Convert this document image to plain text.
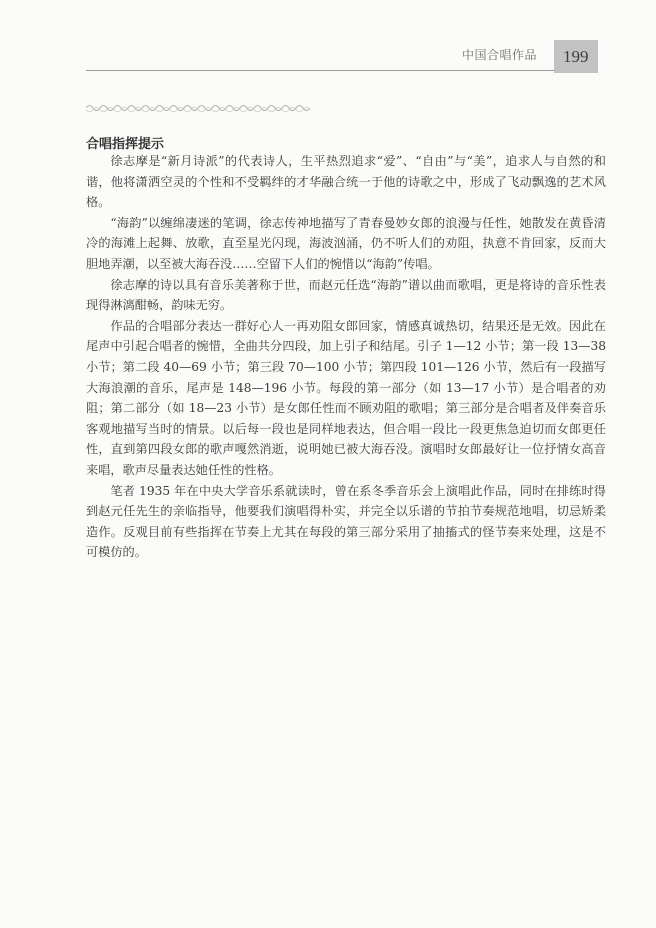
中国合唱作品 199
合唱指挥提示

徐志摩是“新月诗派”的代表诗人，生平热烈追求“爱”、“自由”与“美”，追求人与自然的和谐，他将潇洒空灵的个性和不受羁绊的才华融合统一于他的诗歌之中，形成了飞动飘逸的艺术风格。

“海韵”以缠绵凄迷的笔调，徐志传神地描写了青春曼妙女郎的浪漫与任性，她散发在黄昏清冷的海滩上起舞、放歌，直至星光闪现，海波汹涌，仍不听人们的劝阻，执意不肯回家，反而大胆地弄潮，以至被大海吞没……空留下人们的惋惜以“海韵”传唱。

徐志摩的诗以具有音乐美著称于世，而赵元任选“海韵”谱以曲而歌唱，更是将诗的音乐性表现得淋漓酣畅，韵味无穷。

作品的合唱部分表达一群好心人一再劝阻女郎回家，情感真诚热切，结果还是无效。因此在尾声中引起合唱者的惋惜，全曲共分四段，加上引子和结尾。引子 1—12 小节；第一段 13—38 小节；第二段 40—69 小节；第三段 70—100 小节；第四段 101—126 小节，然后有一段描写大海浪潮的音乐，尾声是 148—196 小节。每段的第一部分（如 13—17 小节）是合唱者的劝阻；第二部分（如 18—23 小节）是女郎任性而不顾劝阻的歌唱；第三部分是合唱者及伴奏音乐客观地描写当时的情景。以后每一段也是同样地表达，但合唱一段比一段更焦急迫切而女郎更任性，直到第四段女郎的歌声嘎然消逝，说明她已被大海吞没。演唱时女郎最好让一位抒情女高音来唱，歌声尽量表达她任性的性格。

笔者 1935 年在中央大学音乐系就读时，曾在系冬季音乐会上演唱此作品，同时在排练时得到赵元任先生的亲临指导，他要我们演唱得朴实，并完全以乐谱的节拍节奏规范地唱，切忌矫柔造作。反观目前有些指挥在节奏上尤其在每段的第三部分采用了抽搐式的怪节奏来处理，这是不可模仿的。
